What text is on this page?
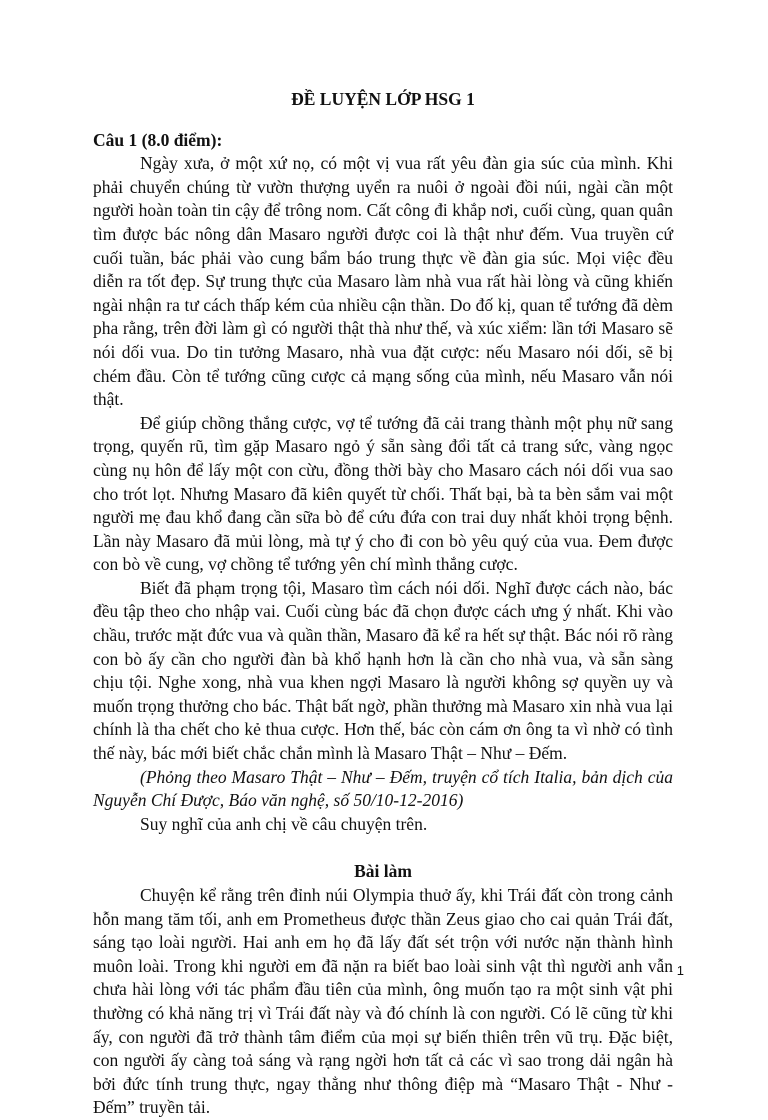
ĐỀ LUYỆN LỚP HSG 1
Câu 1 (8.0 điểm):

Ngày xưa, ở một xứ nọ, có một vị vua rất yêu đàn gia súc của mình. Khi phải chuyển chúng từ vườn thượng uyển ra nuôi ở ngoài đồi núi, ngài cần một người hoàn toàn tin cậy để trông nom. Cất công đi khắp nơi, cuối cùng, quan quân tìm được bác nông dân Masaro người được coi là thật như đếm. Vua truyền cứ cuối tuần, bác phải vào cung bẩm báo trung thực về đàn gia súc. Mọi việc đều diễn ra tốt đẹp. Sự trung thực của Masaro làm nhà vua rất hài lòng và cũng khiến ngài nhận ra tư cách thấp kém của nhiều cận thần. Do đố kị, quan tể tướng đã dèm pha rằng, trên đời làm gì có người thật thà như thế, và xúc xiểm: lần tới Masaro sẽ nói dối vua. Do tin tưởng Masaro, nhà vua đặt cược: nếu Masaro nói dối, sẽ bị chém đầu. Còn tể tướng cũng cược cả mạng sống của mình, nếu Masaro vẫn nói thật.

Để giúp chồng thắng cược, vợ tể tướng đã cải trang thành một phụ nữ sang trọng, quyến rũ, tìm gặp Masaro ngỏ ý sẵn sàng đổi tất cả trang sức, vàng ngọc cùng nụ hôn để lấy một con cừu, đồng thời bày cho Masaro cách nói dối vua sao cho trót lọt. Nhưng Masaro đã kiên quyết từ chối. Thất bại, bà ta bèn sắm vai một người mẹ đau khổ đang cần sữa bò để cứu đứa con trai duy nhất khỏi trọng bệnh. Lần này Masaro đã mủi lòng, mà tự ý cho đi con bò yêu quý của vua. Đem được con bò về cung, vợ chồng tể tướng yên chí mình thắng cược.

Biết đã phạm trọng tội, Masaro tìm cách nói dối. Nghĩ được cách nào, bác đều tập theo cho nhập vai. Cuối cùng bác đã chọn được cách ưng ý nhất. Khi vào chầu, trước mặt đức vua và quần thần, Masaro đã kể ra hết sự thật. Bác nói rõ ràng con bò ấy cần cho người đàn bà khổ hạnh hơn là cần cho nhà vua, và sẵn sàng chịu tội. Nghe xong, nhà vua khen ngợi Masaro là người không sợ quyền uy và muốn trọng thưởng cho bác. Thật bất ngờ, phần thưởng mà Masaro xin nhà vua lại chính là tha chết cho kẻ thua cược. Hơn thế, bác còn cám ơn ông ta vì nhờ có tình thế này, bác mới biết chắc chắn mình là Masaro Thật – Như – Đếm.

(Phỏng theo Masaro Thật – Như – Đếm, truyện cổ tích Italia, bản dịch của Nguyễn Chí Được, Báo văn nghệ, số 50/10-12-2016)

Suy nghĩ của anh chị về câu chuyện trên.

Bài làm

Chuyện kể rằng trên đỉnh núi Olympia thuở ấy, khi Trái đất còn trong cảnh hỗn mang tăm tối, anh em Prometheus được thần Zeus giao cho cai quản Trái đất, sáng tạo loài người. Hai anh em họ đã lấy đất sét trộn với nước nặn thành hình muôn loài. Trong khi người em đã nặn ra biết bao loài sinh vật thì người anh vẫn chưa hài lòng với tác phẩm đầu tiên của mình, ông muốn tạo ra một sinh vật phi thường có khả năng trị vì Trái đất này và đó chính là con người. Có lẽ cũng từ khi ấy, con người đã trở thành tâm điểm của mọi sự biến thiên trên vũ trụ. Đặc biệt, con người ấy càng toả sáng và rạng ngời hơn tất cả các vì sao trong dải ngân hà bởi đức tính trung thực, ngay thẳng như thông điệp mà “Masaro Thật - Như - Đếm” truyền tải.

1
